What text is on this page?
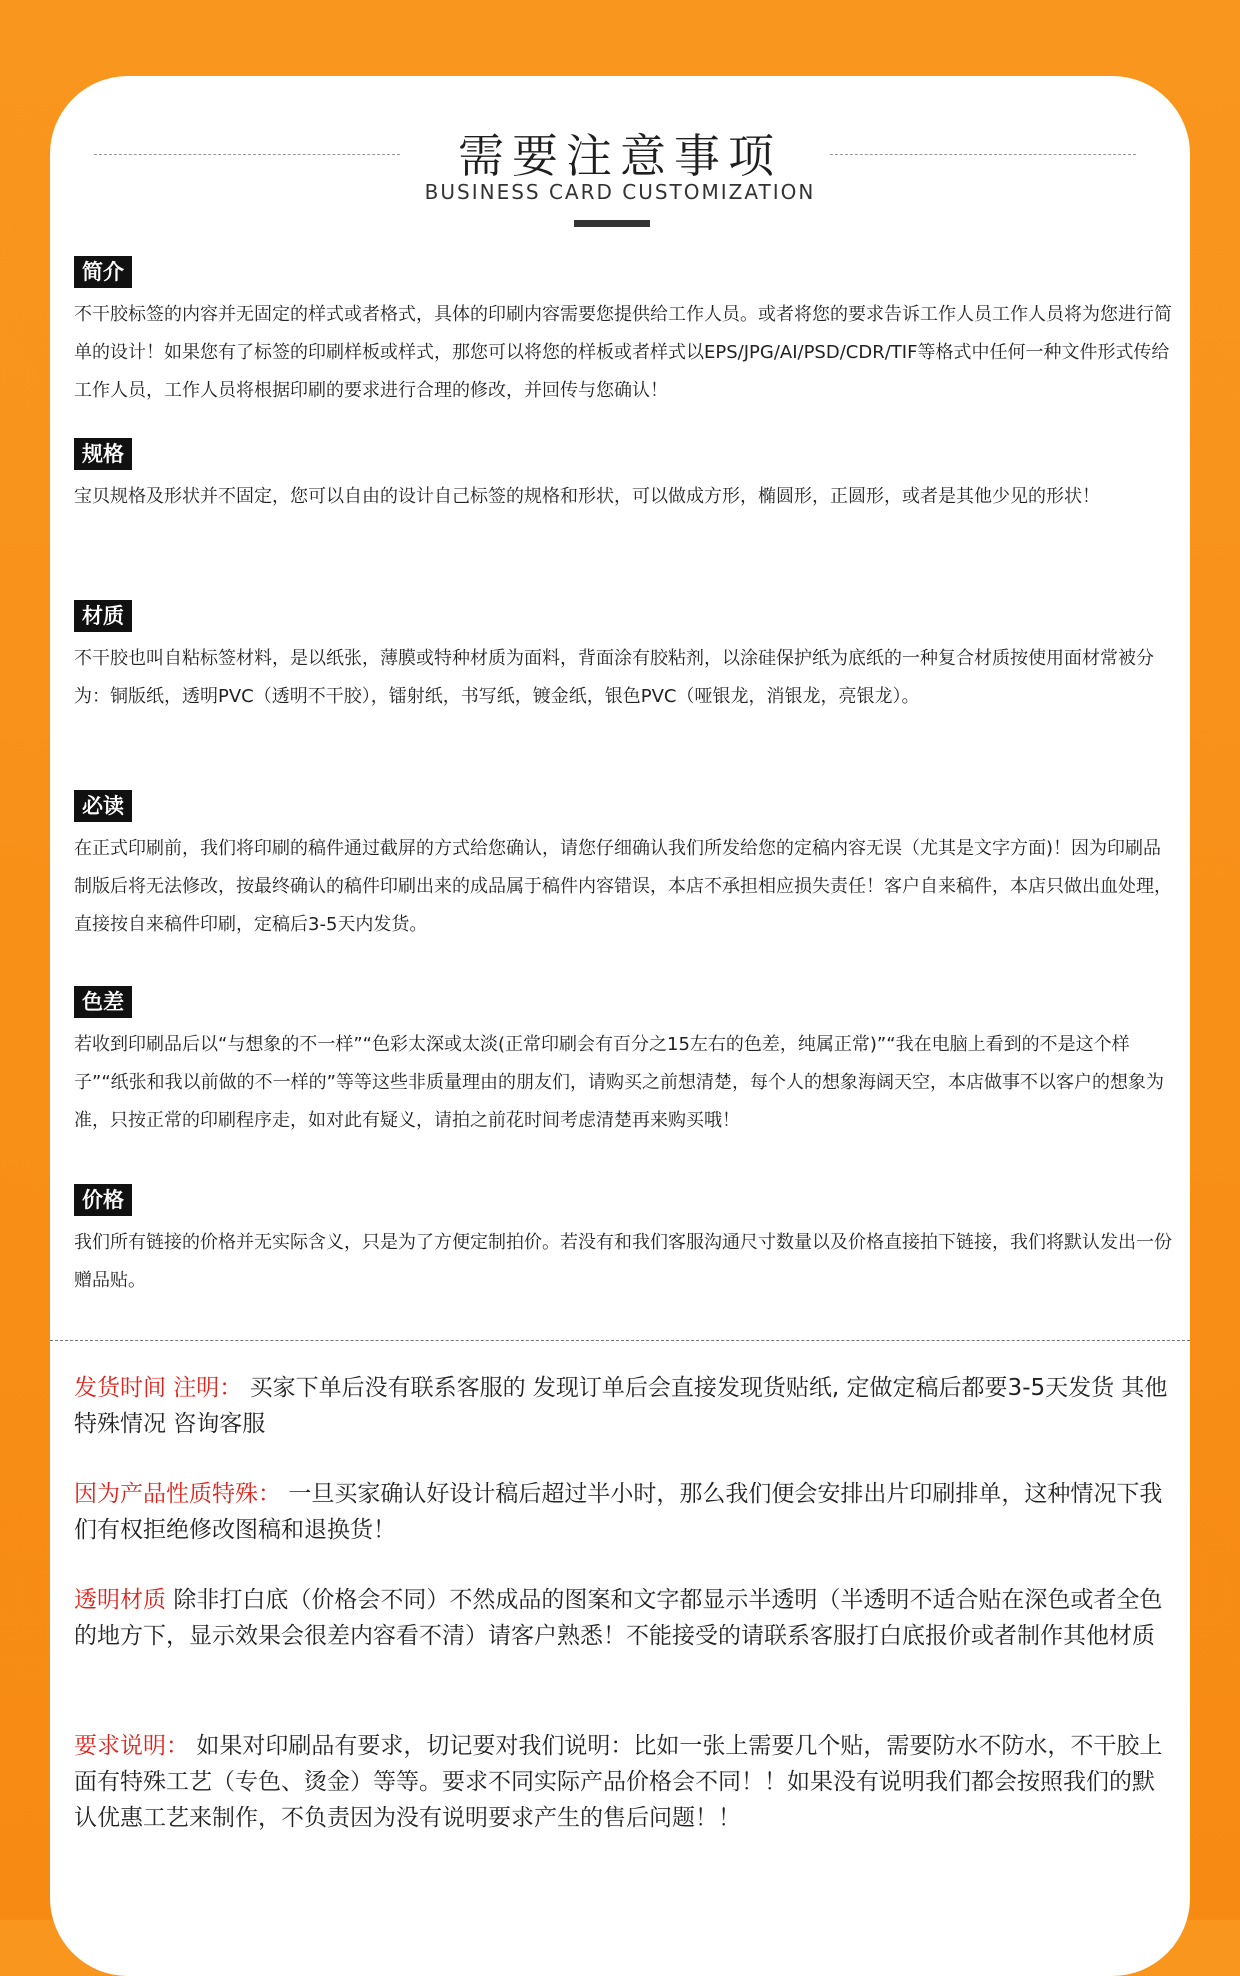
需要注意事项
BUSINESS CARD CUSTOMIZATION
简介
不干胶标签的内容并无固定的样式或者格式，具体的印刷内容需要您提供给工作人员。或者将您的要求告诉工作人员工作人员将为您进行简单的设计！如果您有了标签的印刷样板或样式，那您可以将您的样板或者样式以EPS/JPG/AI/PSD/CDR/TIF等格式中任何一种文件形式传给工作人员，工作人员将根据印刷的要求进行合理的修改，并回传与您确认！
规格
宝贝规格及形状并不固定，您可以自由的设计自己标签的规格和形状，可以做成方形，椭圆形，正圆形，或者是其他少见的形状！
材质
不干胶也叫自粘标签材料，是以纸张，薄膜或特种材质为面料，背面涂有胶粘剂，以涂硅保护纸为底纸的一种复合材质按使用面材常被分为：铜版纸，透明PVC（透明不干胶），镭射纸，书写纸，镀金纸，银色PVC（哑银龙，消银龙，亮银龙）。
必读
在正式印刷前，我们将印刷的稿件通过截屏的方式给您确认，请您仔细确认我们所发给您的定稿内容无误（尤其是文字方面)！因为印刷品制版后将无法修改，按最终确认的稿件印刷出来的成品属于稿件内容错误，本店不承担相应损失责任！客户自来稿件，本店只做出血处理，直接按自来稿件印刷，定稿后3-5天内发货。
色差
若收到印刷品后以“与想象的不一样”“色彩太深或太淡(正常印刷会有百分之15左右的色差，纯属正常)”“我在电脑上看到的不是这个样子”“纸张和我以前做的不一样的”等等这些非质量理由的朋友们，请购买之前想清楚，每个人的想象海阔天空，本店做事不以客户的想象为准，只按正常的印刷程序走，如对此有疑义，请拍之前花时间考虑清楚再来购买哦！
价格
我们所有链接的价格并无实际含义，只是为了方便定制拍价。若没有和我们客服沟通尺寸数量以及价格直接拍下链接，我们将默认发出一份赠品贴。
发货时间 注明： 买家下单后没有联系客服的 发现订单后会直接发现货贴纸, 定做定稿后都要3-5天发货 其他特殊情况 咨询客服
因为产品性质特殊： 一旦买家确认好设计稿后超过半小时，那么我们便会安排出片印刷排单，这种情况下我们有权拒绝修改图稿和退换货！
透明材质 除非打白底（价格会不同）不然成品的图案和文字都显示半透明（半透明不适合贴在深色或者全色的地方下，显示效果会很差内容看不清）请客户熟悉！不能接受的请联系客服打白底报价或者制作其他材质
要求说明： 如果对印刷品有要求，切记要对我们说明：比如一张上需要几个贴，需要防水不防水，不干胶上面有特殊工艺（专色、烫金）等等。要求不同实际产品价格会不同！！如果没有说明我们都会按照我们的默认优惠工艺来制作，不负责因为没有说明要求产生的售后问题！！
